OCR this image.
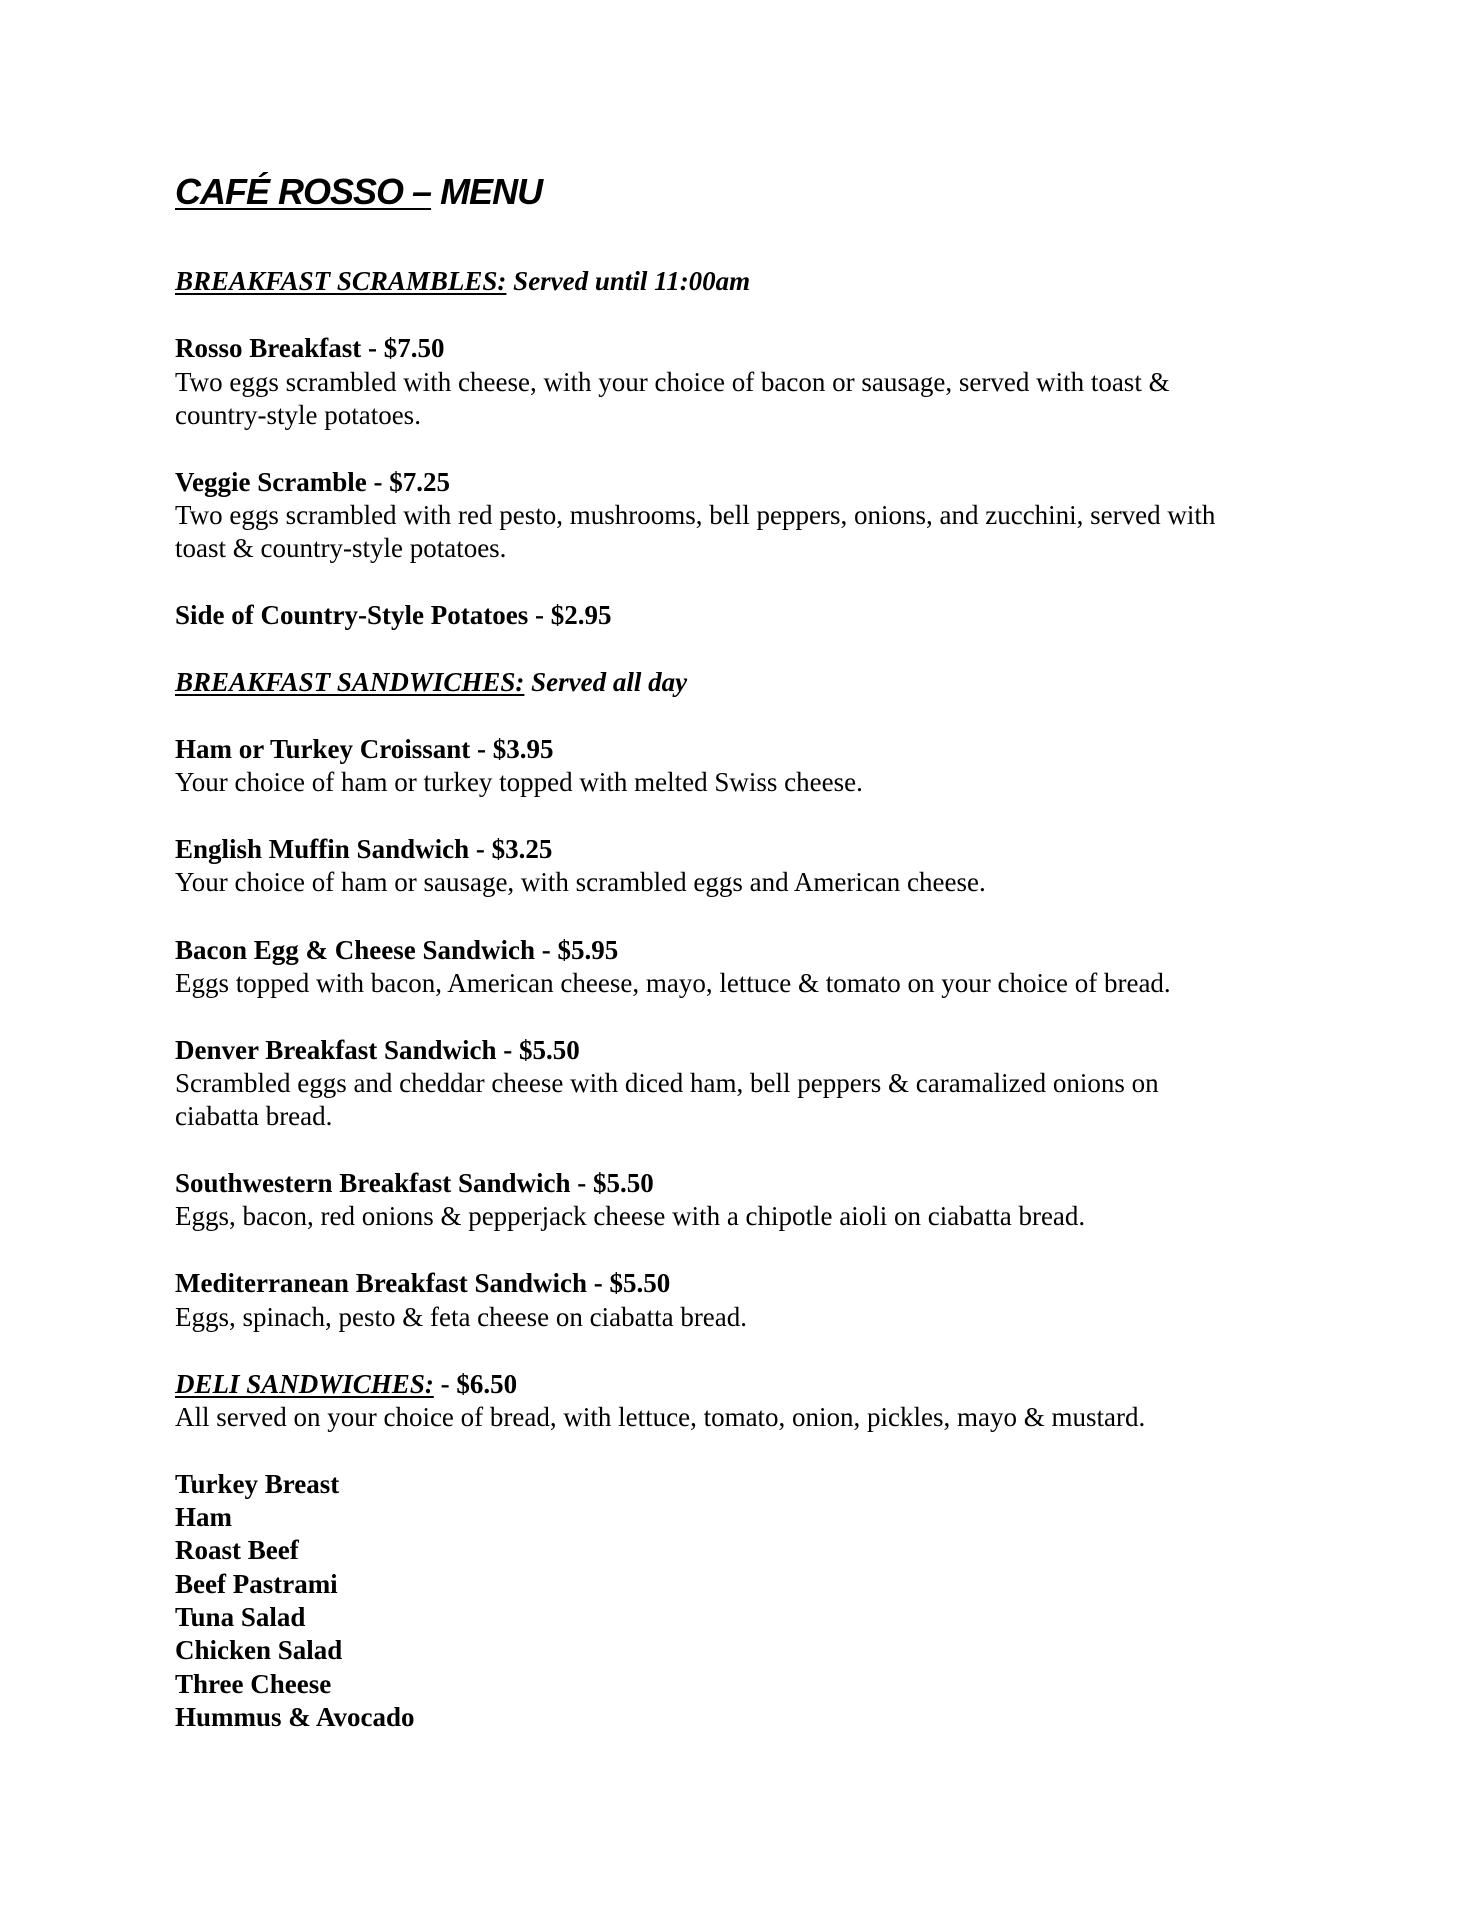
CAFÉ ROSSO – MENU
BREAKFAST SCRAMBLES: Served until 11:00am
Rosso Breakfast - $7.50
Two eggs scrambled with cheese, with your choice of bacon or sausage, served with toast &
country-style potatoes.
Veggie Scramble - $7.25
Two eggs scrambled with red pesto, mushrooms, bell peppers, onions, and zucchini, served with
toast & country-style potatoes.
Side of Country-Style Potatoes - $2.95
BREAKFAST SANDWICHES: Served all day
Ham or Turkey Croissant - $3.95
Your choice of ham or turkey topped with melted Swiss cheese.
English Muffin Sandwich - $3.25
Your choice of ham or sausage, with scrambled eggs and American cheese.
Bacon Egg & Cheese Sandwich - $5.95
Eggs topped with bacon, American cheese, mayo, lettuce & tomato on your choice of bread.
Denver Breakfast Sandwich - $5.50
Scrambled eggs and cheddar cheese with diced ham, bell peppers & caramalized onions on
ciabatta bread.
Southwestern Breakfast Sandwich - $5.50
Eggs, bacon, red onions & pepperjack cheese with a chipotle aioli on ciabatta bread.
Mediterranean Breakfast Sandwich - $5.50
Eggs, spinach, pesto & feta cheese on ciabatta bread.
DELI SANDWICHES: - $6.50
All served on your choice of bread, with lettuce, tomato, onion, pickles, mayo & mustard.
Turkey Breast
Ham
Roast Beef
Beef Pastrami
Tuna Salad
Chicken Salad
Three Cheese
Hummus & Avocado
